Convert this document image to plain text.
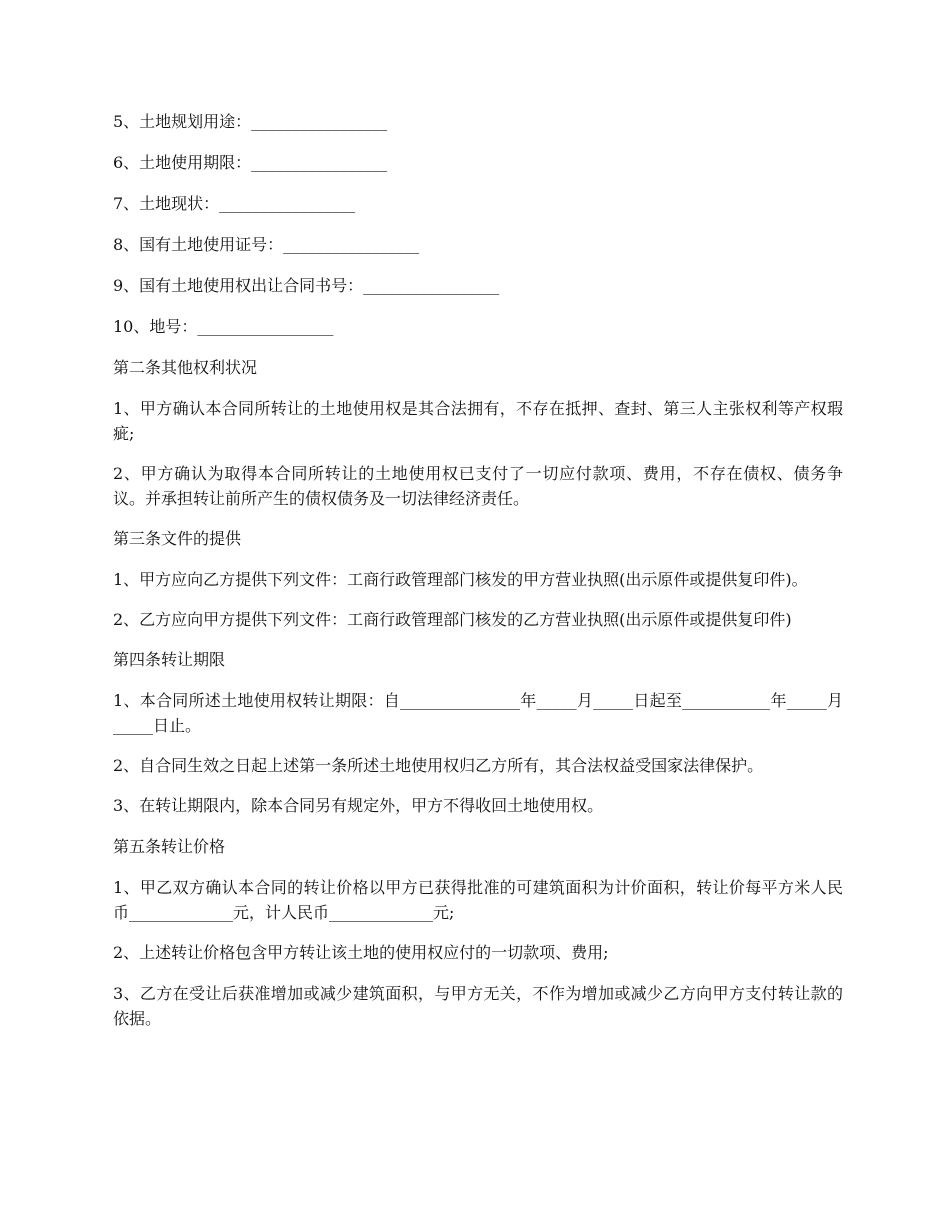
5、土地规划用途：_________________

6、土地使用期限：_________________

7、土地现状：_________________

8、国有土地使用证号：_________________

9、国有土地使用权出让合同书号：_________________

10、地号：_________________

第二条其他权利状况

1、甲方确认本合同所转让的土地使用权是其合法拥有，不存在抵押、查封、第三人主张权利等产权瑕疵;

2、甲方确认为取得本合同所转让的土地使用权已支付了一切应付款项、费用，不存在债权、债务争议。并承担转让前所产生的债权债务及一切法律经济责任。

第三条文件的提供

1、甲方应向乙方提供下列文件：工商行政管理部门核发的甲方营业执照(出示原件或提供复印件)。

2、乙方应向甲方提供下列文件：工商行政管理部门核发的乙方营业执照(出示原件或提供复印件)

第四条转让期限

1、本合同所述土地使用权转让期限：自_______________年_____月_____日起至___________年_____月_____日止。

2、自合同生效之日起上述第一条所述土地使用权归乙方所有，其合法权益受国家法律保护。

3、在转让期限内，除本合同另有规定外，甲方不得收回土地使用权。

第五条转让价格

1、甲乙双方确认本合同的转让价格以甲方已获得批准的可建筑面积为计价面积，转让价每平方米人民币_____________元，计人民币_____________元;

2、上述转让价格包含甲方转让该土地的使用权应付的一切款项、费用;

3、乙方在受让后获准增加或减少建筑面积，与甲方无关，不作为增加或减少乙方向甲方支付转让款的依据。
